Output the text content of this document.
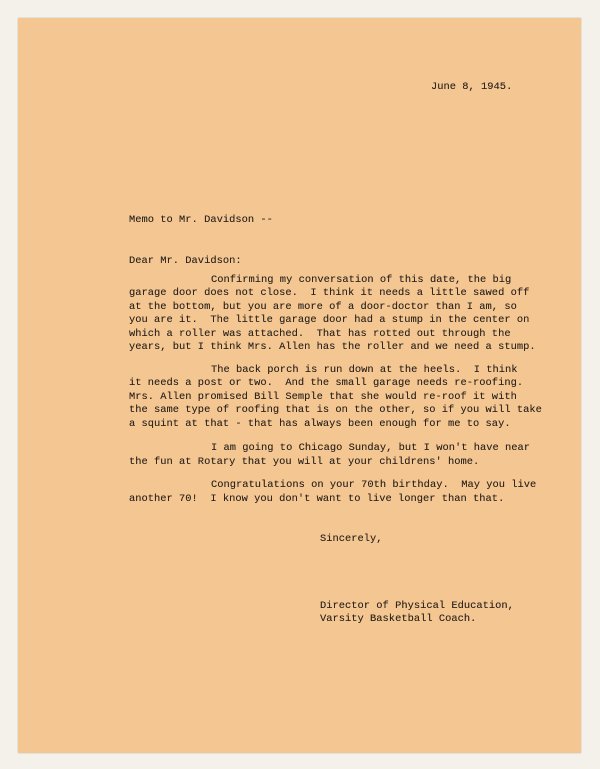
June 8, 1945.
Memo to Mr. Davidson --
Dear Mr. Davidson:
Confirming my conversation of this date, the big
garage door does not close.  I think it needs a little sawed off
at the bottom, but you are more of a door-doctor than I am, so
you are it.  The little garage door had a stump in the center on
which a roller was attached.  That has rotted out through the
years, but I think Mrs. Allen has the roller and we need a stump.
The back porch is run down at the heels.  I think
it needs a post or two.  And the small garage needs re-roofing.
Mrs. Allen promised Bill Semple that she would re-roof it with
the same type of roofing that is on the other, so if you will take
a squint at that - that has always been enough for me to say.
I am going to Chicago Sunday, but I won't have near
the fun at Rotary that you will at your childrens' home.
Congratulations on your 70th birthday.  May you live
another 70!  I know you don't want to live longer than that.
Sincerely,
Director of Physical Education,
Varsity Basketball Coach.
